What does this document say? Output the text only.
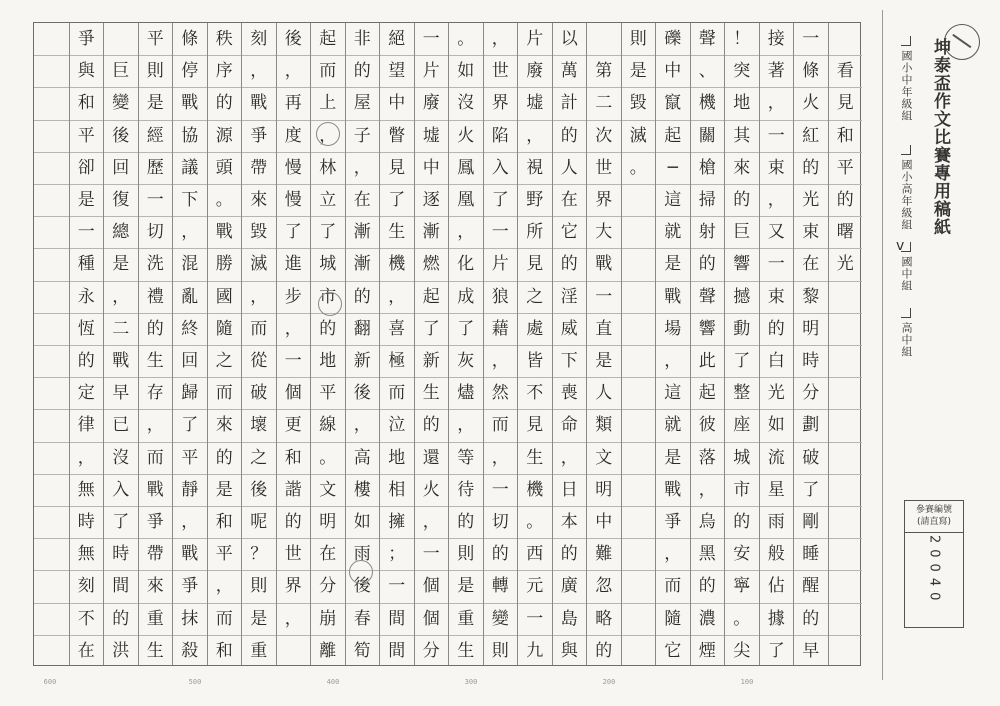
看
見
和
平
的
曙
光
一
條
火
紅
的
光
束
在
黎
明
時
分
劃
破
了
剛
睡
醒
的
早
接
著
，
一
束
，
又
一
束
的
白
光
如
流
星
雨
般
佔
據
了
！
突
地
其
來
的
巨
響
撼
動
了
整
座
城
市
的
安
寧
。
尖
聲
、
機
關
槍
掃
射
的
聲
響
此
起
彼
落
，
烏
黑
的
濃
煙
礫
中
竄
起
─
這
就
是
戰
場
，
這
就
是
戰
爭
，
而
隨
它
則
是
毀
滅
。
第
二
次
世
界
大
戰
一
直
是
人
類
文
明
中
難
忽
略
的
以
萬
計
的
人
在
它
的
淫
威
下
喪
命
，
日
本
的
廣
島
與
片
廢
墟
，
視
野
所
見
之
處
皆
不
見
生
機
。
西
元
一
九
，
世
界
陷
入
了
一
片
狼
藉
，
然
而
，
一
切
的
轉
變
則
。
如
沒
火
鳳
凰
，
化
成
了
灰
燼
，
等
待
的
則
是
重
生
一
片
廢
墟
中
逐
漸
燃
起
了
新
生
的
還
火
，
一
個
個
分
絕
望
中
瞥
見
了
生
機
，
喜
極
而
泣
地
相
擁
；
一
間
間
非
的
屋
子
，
在
漸
漸
的
翻
新
後
，
高
樓
如
雨
後
春
筍
起
而
上
，
林
立
了
城
市
的
地
平
線
。
文
明
在
分
崩
離
後
，
再
度
慢
慢
了
進
步
，
一
個
更
和
諧
的
世
界
，
刻
，
戰
爭
帶
來
毀
滅
，
而
從
破
壞
之
後
呢
？
則
是
重
秩
序
的
源
頭
。
戰
勝
國
隨
之
而
來
的
是
和
平
，
而
和
條
停
戰
協
議
下
，
混
亂
終
回
歸
了
平
靜
，
戰
爭
抹
殺
平
則
是
經
歷
一
切
洗
禮
的
生
存
，
而
戰
爭
帶
來
重
生
巨
變
後
回
復
總
是
，
二
戰
早
已
沒
入
了
時
間
的
洪
爭
與
和
平
卻
是
一
種
永
恆
的
定
律
，
無
時
無
刻
不
在
100
200
300
400
500
600
坤泰盃作文比賽專用稿紙
國小中年級組
國小高年級組
國中組
v
高中組
參賽編號
(請直寫)
20040
